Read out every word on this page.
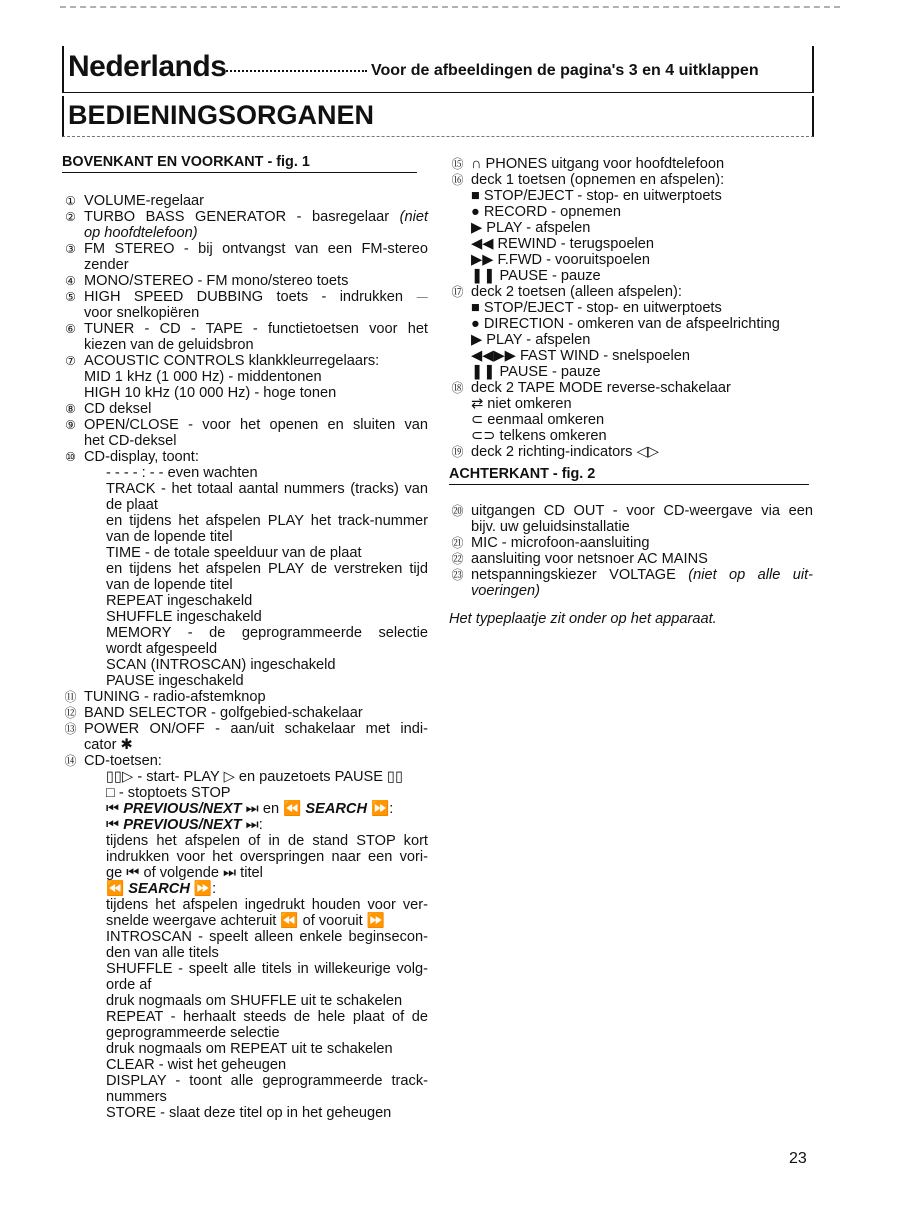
Nederlands	Voor de afbeeldingen de pagina's 3 en 4 uitklappen
BEDIENINGSORGANEN
BOVENKANT EN VOORKANT - fig. 1
① VOLUME-regelaar
② TURBO BASS GENERATOR - basregelaar (niet
op hoofdtelefoon)
③ FM STEREO - bij ontvangst van een FM-stereo
zender
④ MONO/STEREO - FM mono/stereo toets
⑤ HIGH SPEED DUBBING toets - indrukken ⏤
voor snelkopiëren
⑥ TUNER - CD - TAPE - functietoetsen voor het
kiezen van de geluidsbron
⑦ ACOUSTIC CONTROLS klankkleurregelaars:
MID 1 kHz (1 000 Hz) - middentonen
HIGH 10 kHz (10 000 Hz) - hoge tonen
⑧ CD deksel
⑨ OPEN/CLOSE - voor het openen en sluiten van
het CD-deksel
⑩ CD-display, toont:
- - - - : - - even wachten
TRACK - het totaal aantal nummers (tracks) van
de plaat
en tijdens het afspelen PLAY het track-nummer
van de lopende titel
TIME - de totale speelduur van de plaat
en tijdens het afspelen PLAY de verstreken tijd
van de lopende titel
REPEAT ingeschakeld
SHUFFLE ingeschakeld
MEMORY - de geprogrammeerde selectie
wordt afgespeeld
SCAN (INTROSCAN) ingeschakeld
PAUSE ingeschakeld
⑪ TUNING - radio-afstemknop
⑫ BAND SELECTOR - golfgebied-schakelaar
⑬ POWER ON/OFF - aan/uit schakelaar met indi-
cator ✱
⑭ CD-toetsen:
▯▯▷ - start- PLAY ▷ en pauzetoets PAUSE ▯▯
□ - stoptoets STOP
⏮ PREVIOUS/NEXT ⏭ en ⏪ SEARCH ⏩:
⏮ PREVIOUS/NEXT ⏭:
tijdens het afspelen of in de stand STOP kort
indrukken voor het overspringen naar een vori-
ge ⏮ of volgende ⏭ titel
⏪ SEARCH ⏩:
tijdens het afspelen ingedrukt houden voor ver-
snelde weergave achteruit ⏪ of vooruit ⏩
INTROSCAN - speelt alleen enkele beginsecon-
den van alle titels
SHUFFLE - speelt alle titels in willekeurige volg-
orde af
druk nogmaals om SHUFFLE uit te schakelen
REPEAT - herhaalt steeds de hele plaat of de
geprogrammeerde selectie
druk nogmaals om REPEAT uit te schakelen
CLEAR - wist het geheugen
DISPLAY - toont alle geprogrammeerde track-
nummers
STORE - slaat deze titel op in het geheugen
⑮ ∩ PHONES uitgang voor hoofdtelefoon
⑯ deck 1 toetsen (opnemen en afspelen):
■ STOP/EJECT - stop- en uitwerptoets
● RECORD - opnemen
▶ PLAY - afspelen
◀◀ REWIND - terugspoelen
▶▶ F.FWD - vooruitspoelen
❚❚ PAUSE - pauze
⑰ deck 2 toetsen (alleen afspelen):
■ STOP/EJECT - stop- en uitwerptoets
● DIRECTION - omkeren van de afspeelrichting
▶ PLAY - afspelen
◀◀▶▶ FAST WIND - snelspoelen
❚❚ PAUSE - pauze
⑱ deck 2 TAPE MODE reverse-schakelaar
⇄ niet omkeren
⊂ eenmaal omkeren
⊂⊃ telkens omkeren
⑲ deck 2 richting-indicators ◁▷
ACHTERKANT - fig. 2
⑳ uitgangen CD OUT - voor CD-weergave via een
bijv. uw geluidsinstallatie
㉑ MIC - microfoon-aansluiting
㉒ aansluiting voor netsnoer AC MAINS
㉓ netspanningskiezer VOLTAGE (niet op alle uit-
voeringen)
Het typeplaatje zit onder op het apparaat.
23
